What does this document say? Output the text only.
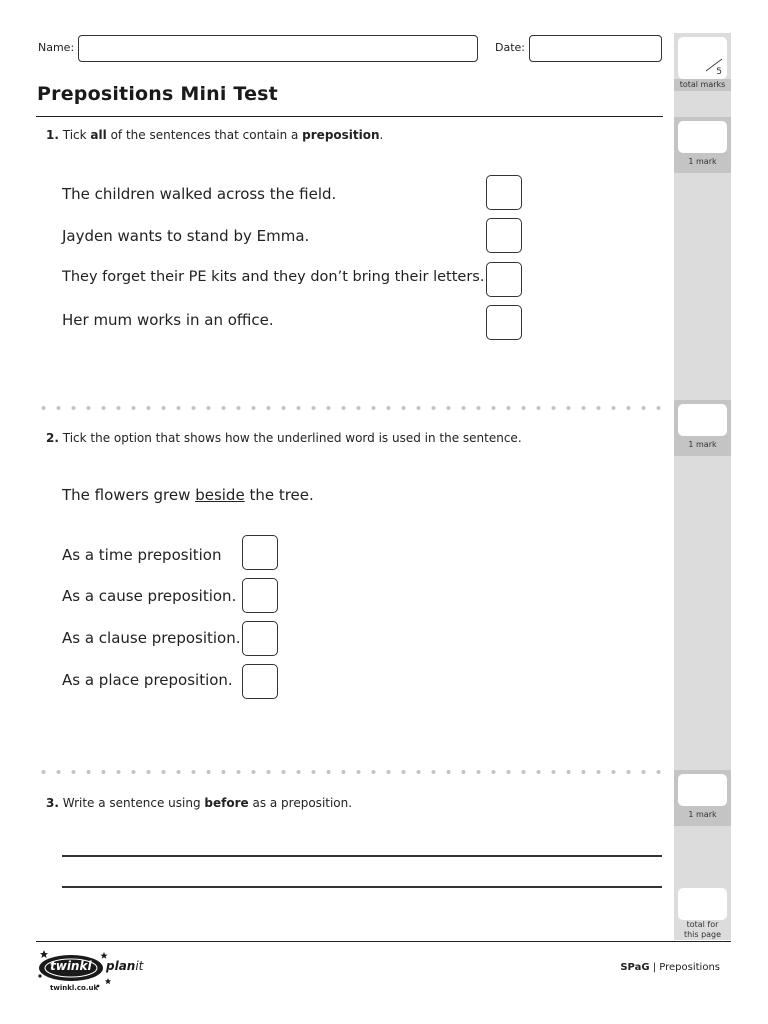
5
total marks
1 mark
1 mark
1 mark
total for
this page
Name:	Date:
Prepositions Mini Test
1. Tick all of the sentences that contain a preposition.
The children walked across the field.
Jayden wants to stand by Emma.
They forget their PE kits and they don’t bring their letters.
Her mum works in an office.
2. Tick the option that shows how the underlined word is used in the sentence.
The flowers grew beside the tree.
As a time preposition
As a cause preposition.
As a clause preposition.
As a place preposition.
3. Write a sentence using before as a preposition.
twinkl planit
twinkl.co.uk
SPaG | Prepositions
